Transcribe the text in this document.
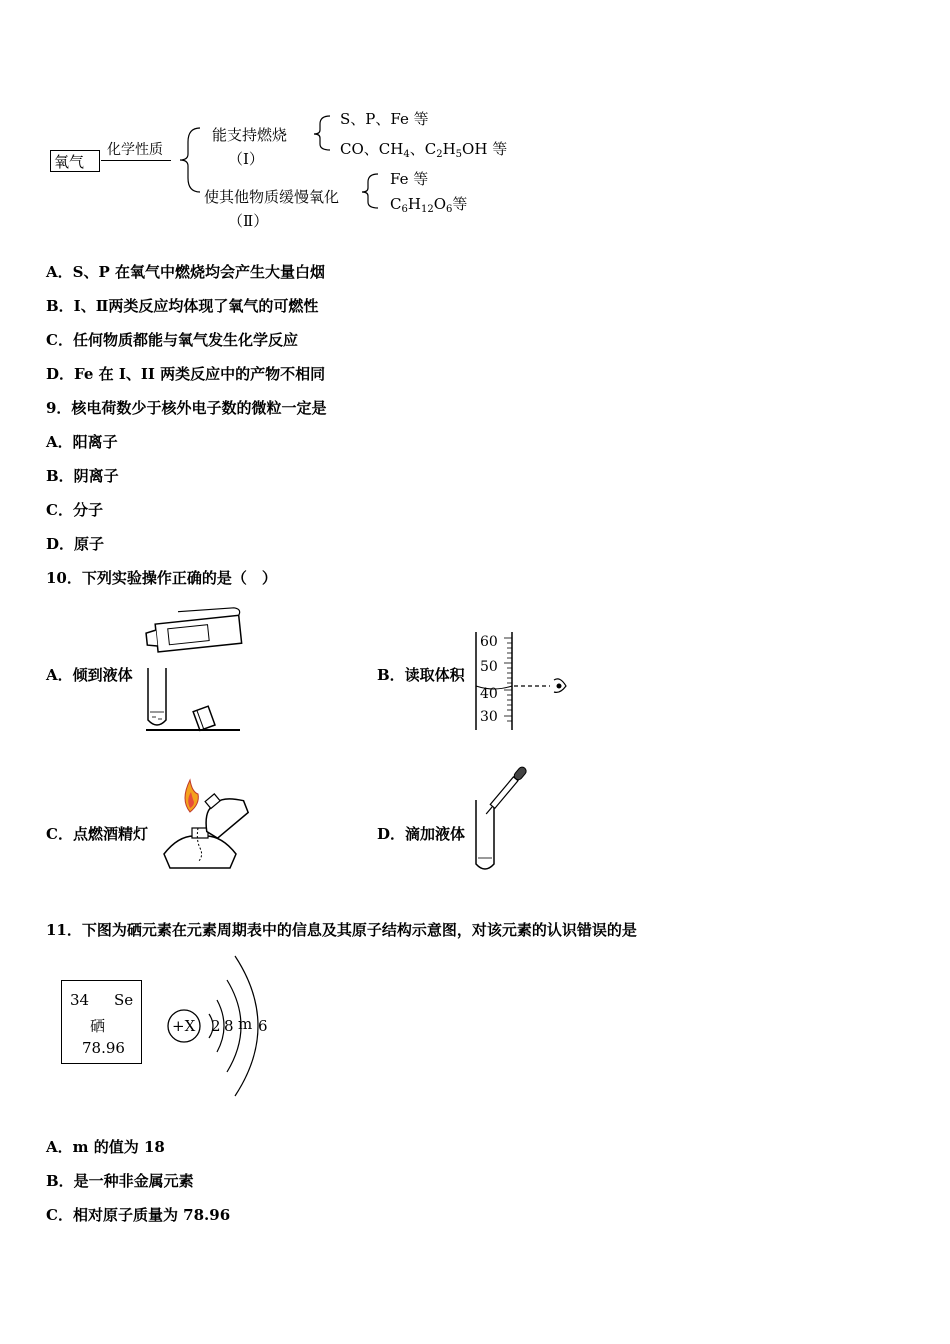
氧气
化学性质
能支持燃烧
（Ⅰ）
使其他物质缓慢氧化
（Ⅱ）
S、P、Fe 等
CO、$CH_4$、$C_2H_5OH$ 等
Fe 等
$C_6H_{12}O_6$等
A．S、P 在氧气中燃烧均会产生大量白烟
B．I、Ⅱ两类反应均体现了氧气的可燃性
C．任何物质都能与氧气发生化学反应
D．Fe 在 I、II 两类反应中的产物不相同
9．核电荷数少于核外电子数的微粒一定是
A．阳离子
B．阴离子
C．分子
D．原子
10．下列实验操作正确的是（　）
A．倾到液体	B．读取体积
60
50
40
30
C．点燃酒精灯	D．滴加液体
11．下图为硒元素在元素周期表中的信息及其原子结构示意图，对该元素的认识错误的是
34 Se
硒
78.96
+X 2 8 m 6
A．m 的值为 18
B．是一种非金属元素
C．相对原子质量为 78.96
